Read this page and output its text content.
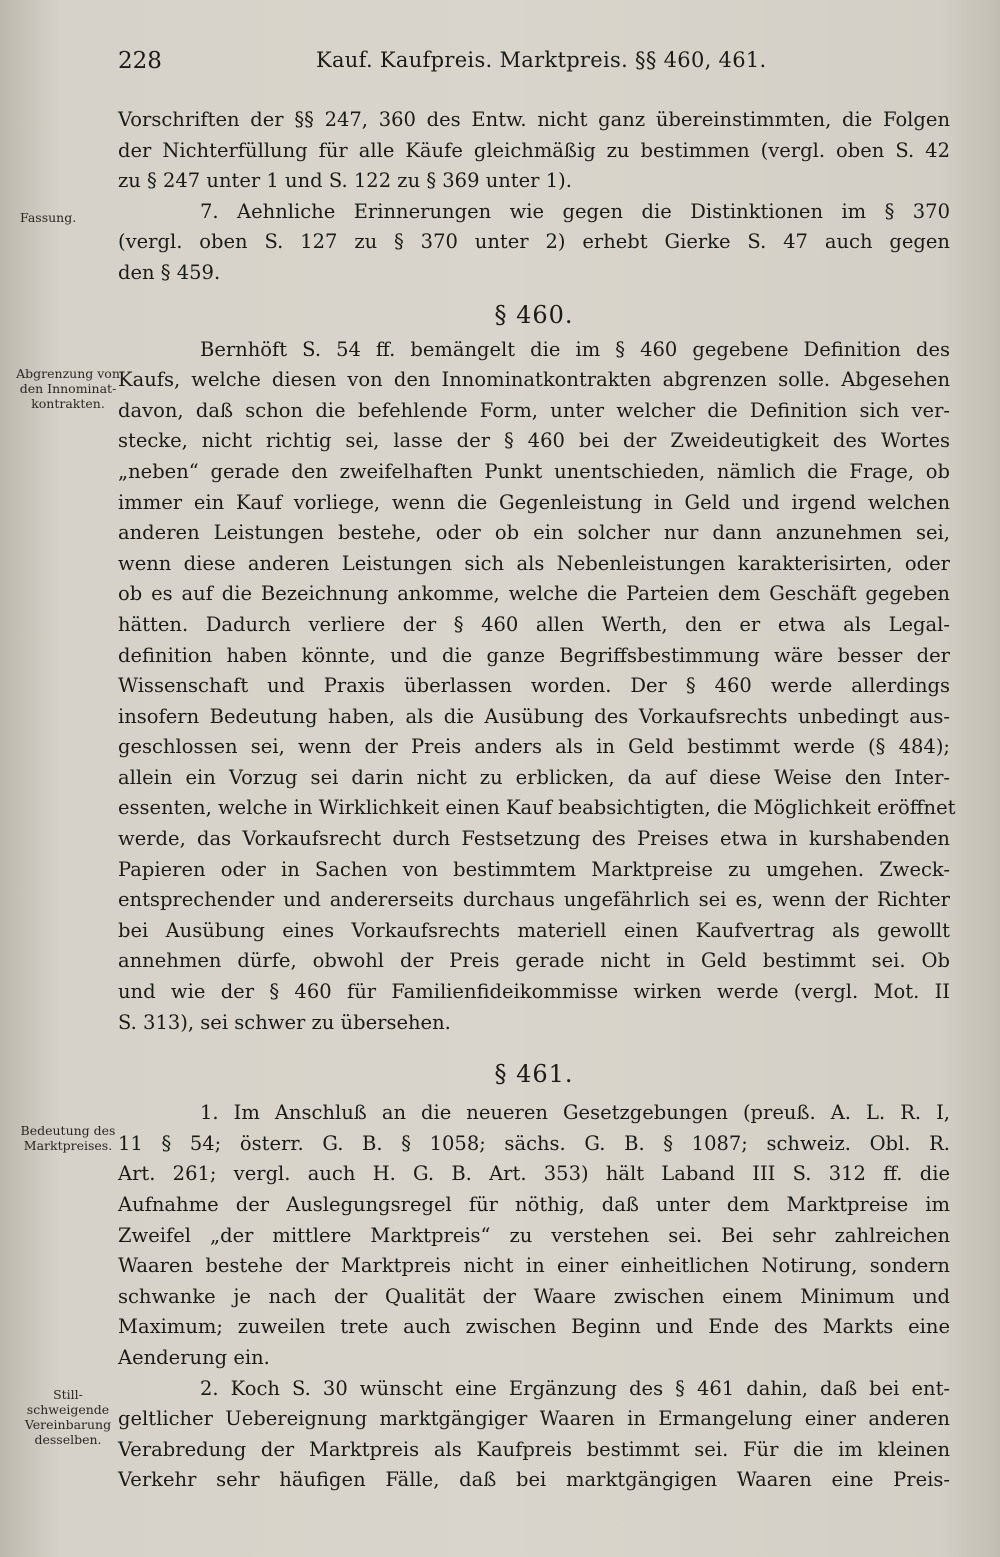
228	Kauf. Kaufpreis. Marktpreis. §§ 460, 461.
Fassung.
Abgrenzung von den Innominat- kontrakten.
Bedeutung des Marktpreises.
Still- schweigende Vereinbarung desselben.
Vorschriften der §§ 247, 360 des Entw. nicht ganz übereinstimmten, die Folgen
der Nichterfüllung für alle Käufe gleichmäßig zu bestimmen (vergl. oben S. 42
zu § 247 unter 1 und S. 122 zu § 369 unter 1).
7. Aehnliche Erinnerungen wie gegen die Distinktionen im § 370
(vergl. oben S. 127 zu § 370 unter 2) erhebt Gierke S. 47 auch gegen
den § 459.
§ 460.
Bernhöft S. 54 ff. bemängelt die im § 460 gegebene Definition des
Kaufs, welche diesen von den Innominatkontrakten abgrenzen solle. Abgesehen
davon, daß schon die befehlende Form, unter welcher die Definition sich ver-
stecke, nicht richtig sei, lasse der § 460 bei der Zweideutigkeit des Wortes
„neben“ gerade den zweifelhaften Punkt unentschieden, nämlich die Frage, ob
immer ein Kauf vorliege, wenn die Gegenleistung in Geld und irgend welchen
anderen Leistungen bestehe, oder ob ein solcher nur dann anzunehmen sei,
wenn diese anderen Leistungen sich als Nebenleistungen karakterisirten, oder
ob es auf die Bezeichnung ankomme, welche die Parteien dem Geschäft gegeben
hätten. Dadurch verliere der § 460 allen Werth, den er etwa als Legal-
definition haben könnte, und die ganze Begriffsbestimmung wäre besser der
Wissenschaft und Praxis überlassen worden. Der § 460 werde allerdings
insofern Bedeutung haben, als die Ausübung des Vorkaufsrechts unbedingt aus-
geschlossen sei, wenn der Preis anders als in Geld bestimmt werde (§ 484);
allein ein Vorzug sei darin nicht zu erblicken, da auf diese Weise den Inter-
essenten, welche in Wirklichkeit einen Kauf beabsichtigten, die Möglichkeit eröffnet
werde, das Vorkaufsrecht durch Festsetzung des Preises etwa in kurshabenden
Papieren oder in Sachen von bestimmtem Marktpreise zu umgehen. Zweck-
entsprechender und andererseits durchaus ungefährlich sei es, wenn der Richter
bei Ausübung eines Vorkaufsrechts materiell einen Kaufvertrag als gewollt
annehmen dürfe, obwohl der Preis gerade nicht in Geld bestimmt sei. Ob
und wie der § 460 für Familienfideikommisse wirken werde (vergl. Mot. II
S. 313), sei schwer zu übersehen.
§ 461.
1. Im Anschluß an die neueren Gesetzgebungen (preuß. A. L. R. I,
11 § 54; österr. G. B. § 1058; sächs. G. B. § 1087; schweiz. Obl. R.
Art. 261; vergl. auch H. G. B. Art. 353) hält Laband III S. 312 ff. die
Aufnahme der Auslegungsregel für nöthig, daß unter dem Marktpreise im
Zweifel „der mittlere Marktpreis“ zu verstehen sei. Bei sehr zahlreichen
Waaren bestehe der Marktpreis nicht in einer einheitlichen Notirung, sondern
schwanke je nach der Qualität der Waare zwischen einem Minimum und
Maximum; zuweilen trete auch zwischen Beginn und Ende des Markts eine
Aenderung ein.
2. Koch S. 30 wünscht eine Ergänzung des § 461 dahin, daß bei ent-
geltlicher Uebereignung marktgängiger Waaren in Ermangelung einer anderen
Verabredung der Marktpreis als Kaufpreis bestimmt sei. Für die im kleinen
Verkehr sehr häufigen Fälle, daß bei marktgängigen Waaren eine Preis-
